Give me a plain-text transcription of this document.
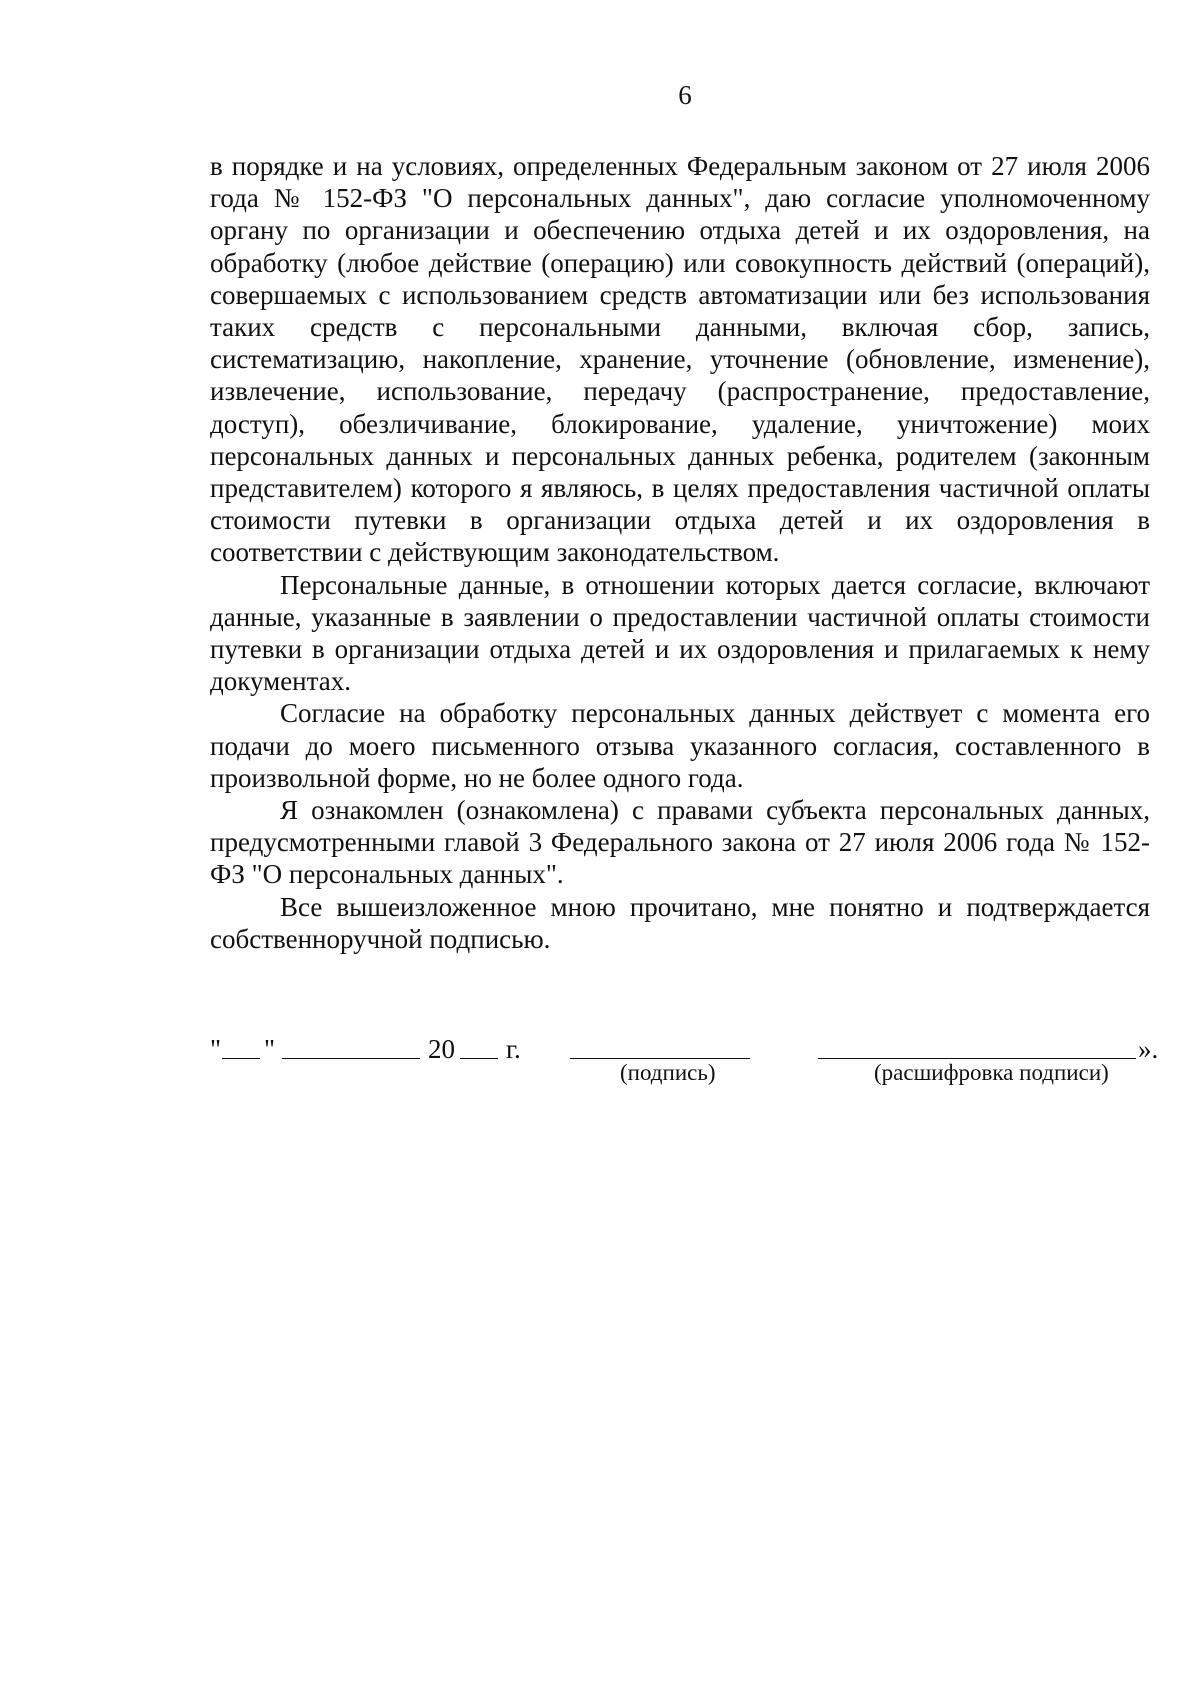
6

в порядке и на условиях, определенных Федеральным законом от 27 июля 2006 года № 152-ФЗ "О персональных данных", даю согласие уполномоченному органу по организации и обеспечению отдыха детей и их оздоровления, на обработку (любое действие (операцию) или совокупность действий (операций), совершаемых с использованием средств автоматизации или без использования таких средств с персональными данными, включая сбор, запись, систематизацию, накопление, хранение, уточнение (обновление, изменение), извлечение, использование, передачу (распространение, предоставление, доступ), обезличивание, блокирование, удаление, уничтожение) моих персональных данных и персональных данных ребенка, родителем (законным представителем) которого я являюсь, в целях предоставления частичной оплаты стоимости путевки в организации отдыха детей и их оздоровления в соответствии с действующим законодательством.

Персональные данные, в отношении которых дается согласие, включают данные, указанные в заявлении о предоставлении частичной оплаты стоимости путевки в организации отдыха детей и их оздоровления и прилагаемых к нему документах.

Согласие на обработку персональных данных действует с момента его подачи до моего письменного отзыва указанного согласия, составленного в произвольной форме, но не более одного года.

Я ознакомлен (ознакомлена) с правами субъекта персональных данных, предусмотренными главой 3 Федерального закона от 27 июля 2006 года № 152-ФЗ "О персональных данных".

Все вышеизложенное мною прочитано, мне понятно и подтверждается собственноручной подписью.

" "	20 г.	».
(подпись)	(расшифровка подписи)
